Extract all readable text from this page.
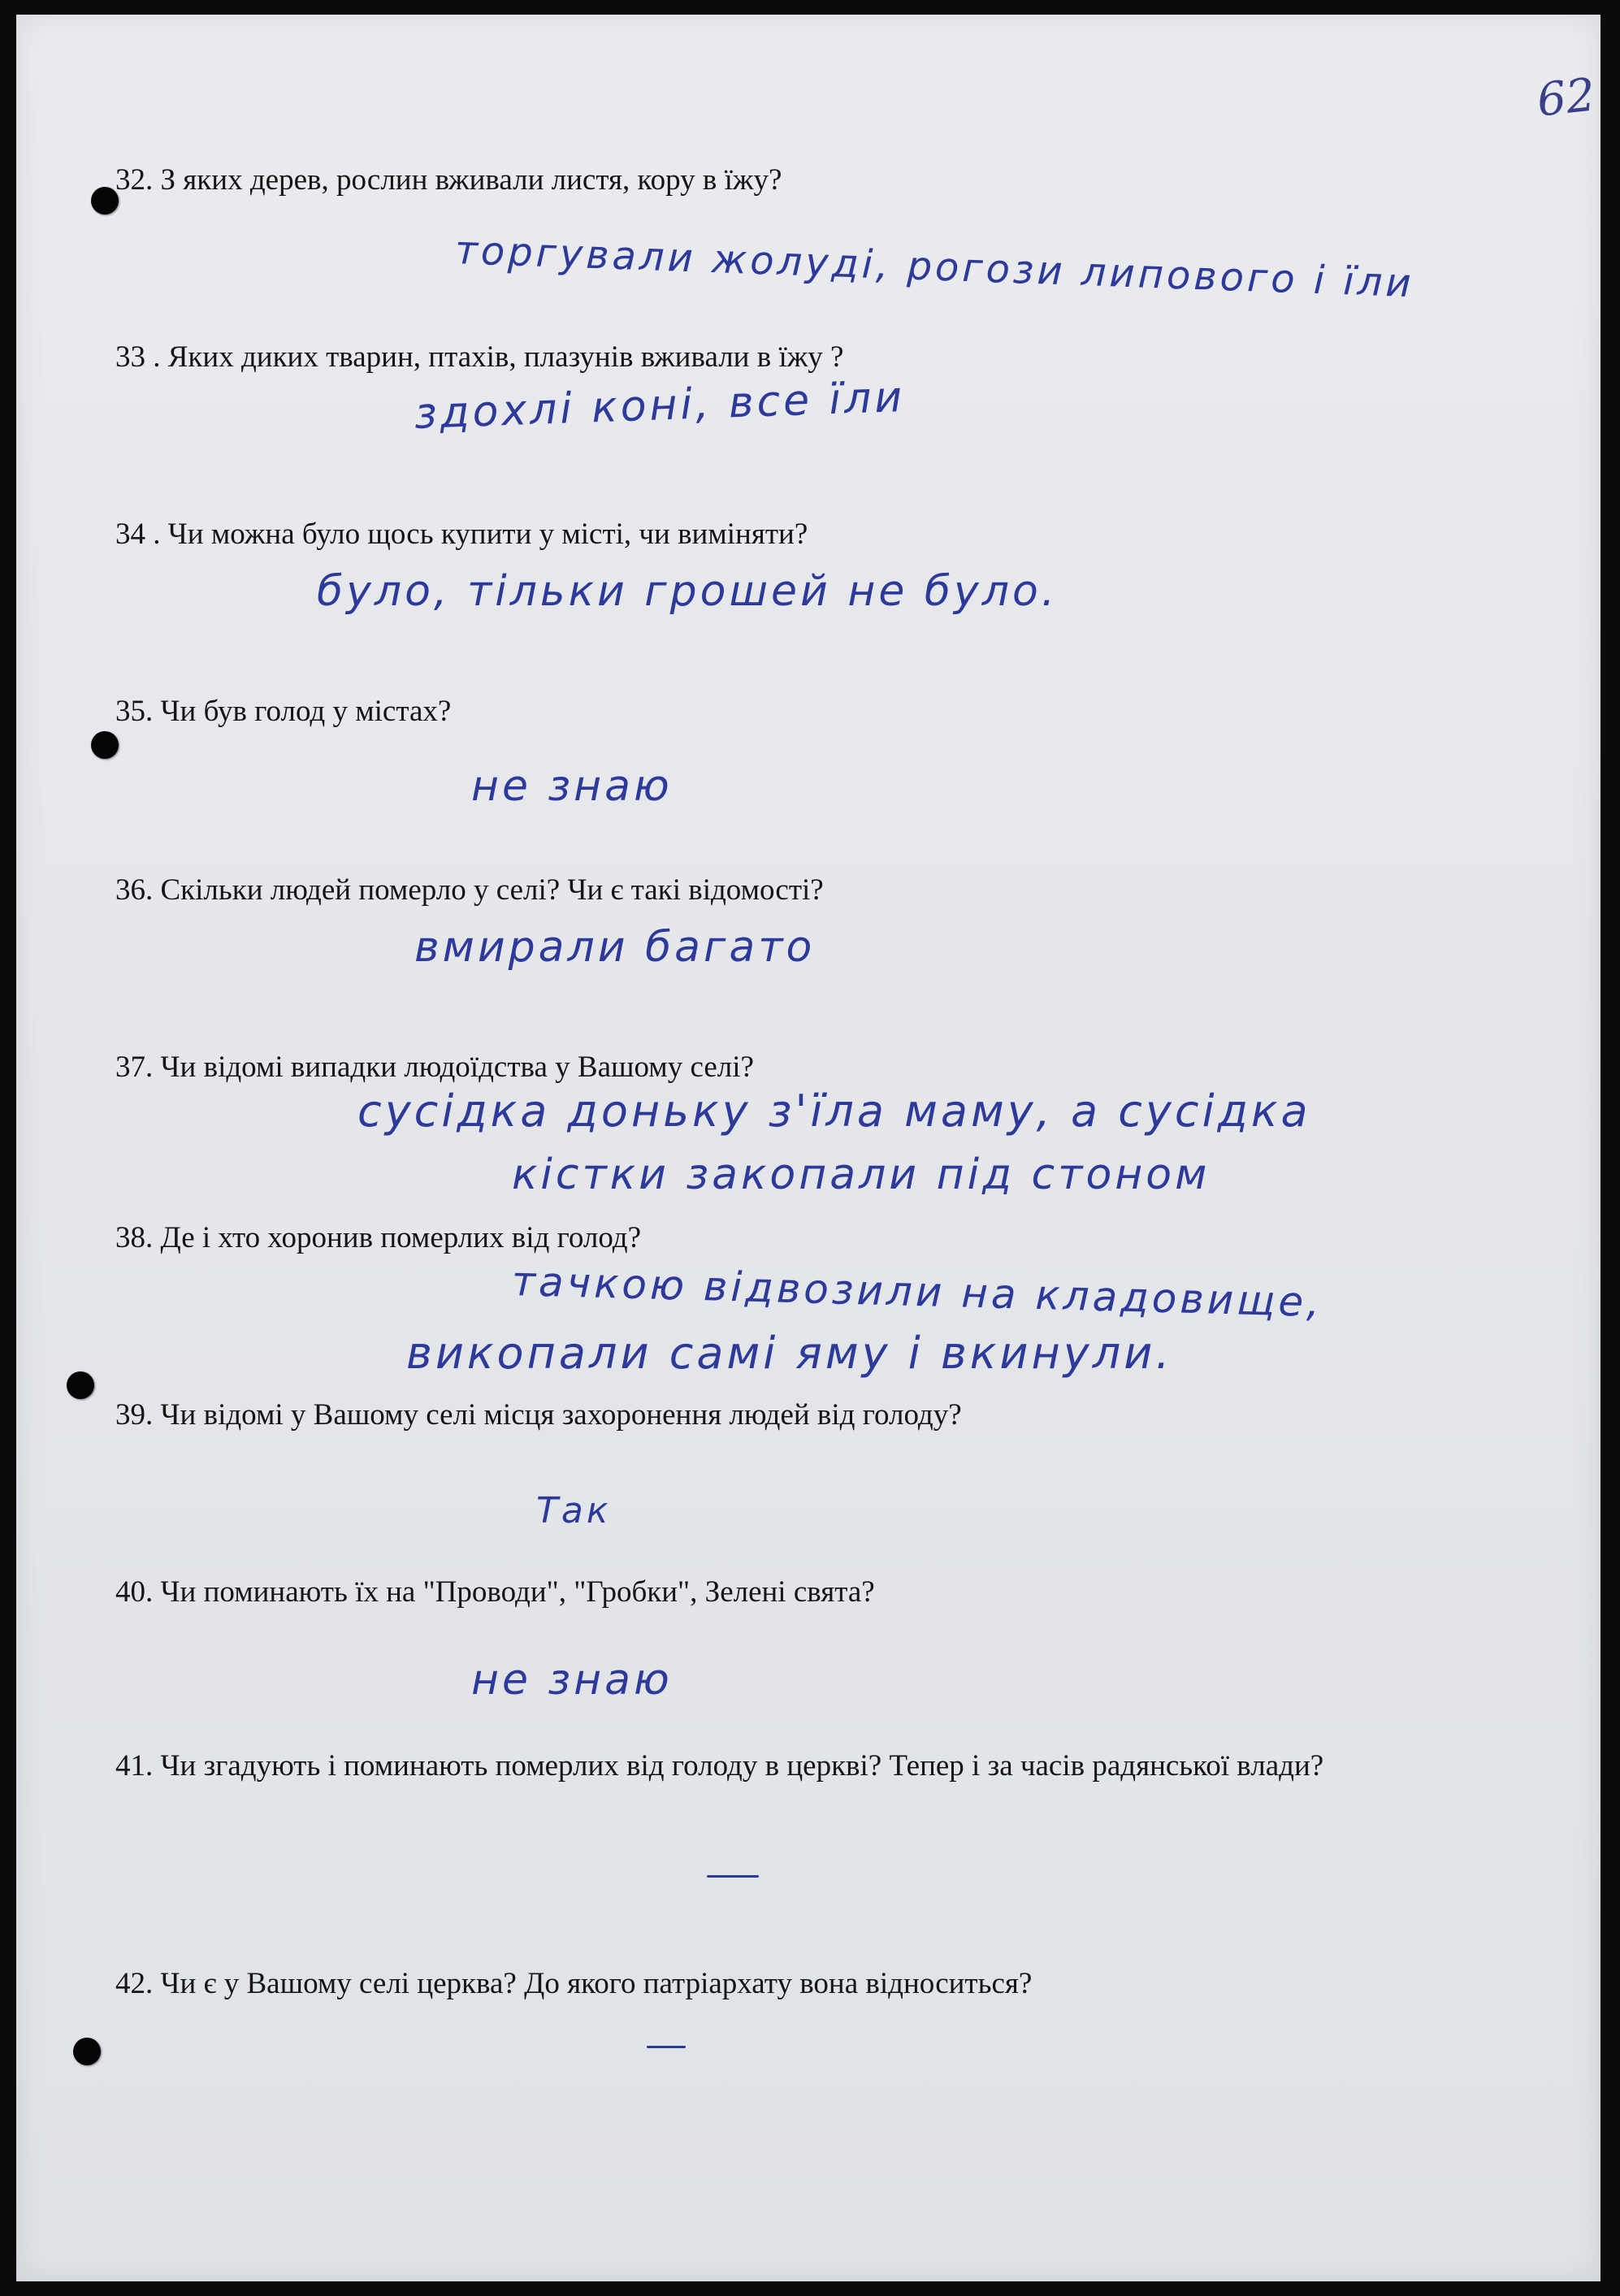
62
32. З яких дерев, рослин вживали листя, кору в їжу?
торгували жолуді, рогози липового і їли
33 . Яких диких тварин, птахів, плазунів вживали в їжу ?
здохлі коні, все їли
34 . Чи можна було щось купити у місті, чи виміняти?
було, тільки грошей не було.
35. Чи був голод у містах?
не знаю
36. Скільки людей померло у селі? Чи є такі відомості?
вмирали багато
37. Чи відомі випадки людоїдства у Вашому селі?
сусідка доньку з'їла маму, а сусідка
кістки закопали під стоном
38. Де і хто хоронив померлих від голод?
тачкою відвозили на кладовище,
викопали самі яму і вкинули.
39. Чи відомі у Вашому селі місця захоронення людей від голоду?
Так
40. Чи поминають їх на "Проводи", "Гробки", Зелені свята?
не знаю
41. Чи згадують і поминають померлих від голоду в церкві? Тепер і за часів радянської влади?
42. Чи є у Вашому селі церква? До якого патріархату вона відноситься?
